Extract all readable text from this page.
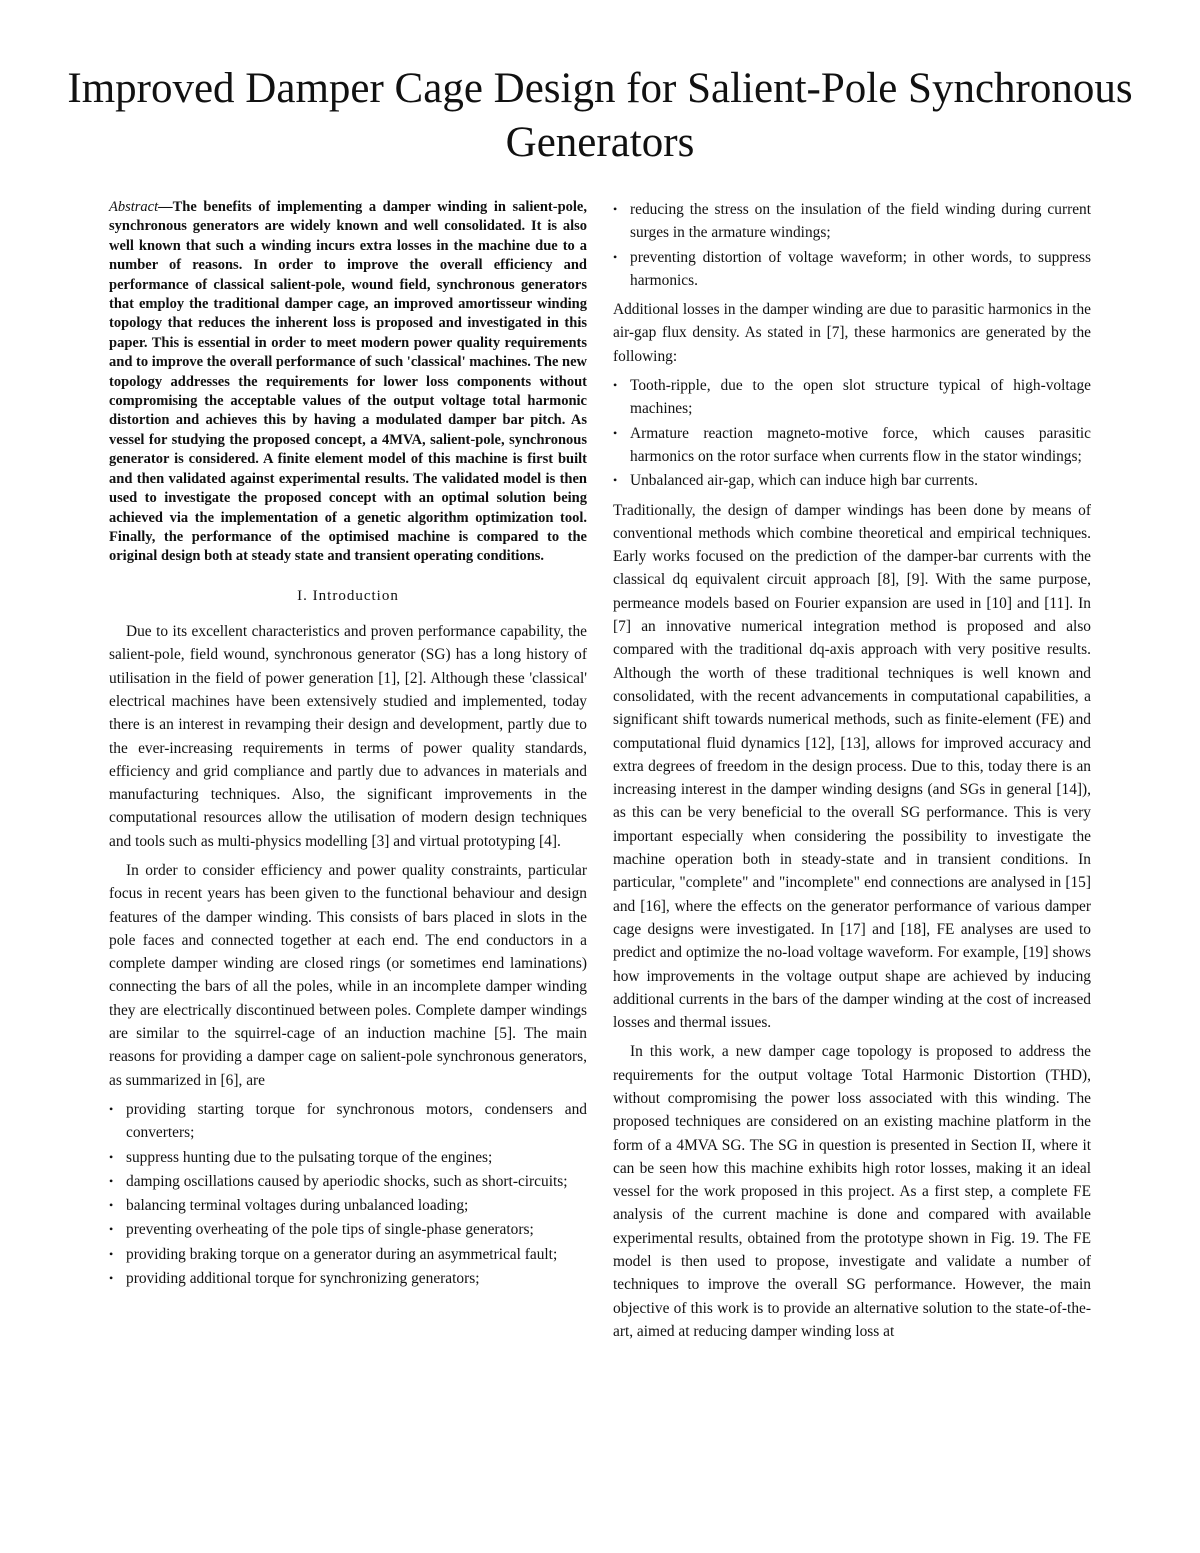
Improved Damper Cage Design for Salient-Pole Synchronous Generators

Abstract—The benefits of implementing a damper winding in salient-pole, synchronous generators are widely known and well consolidated. It is also well known that such a winding incurs extra losses in the machine due to a number of reasons. In order to improve the overall efficiency and performance of classical salient-pole, wound field, synchronous generators that employ the traditional damper cage, an improved amortisseur winding topology that reduces the inherent loss is proposed and investigated in this paper. This is essential in order to meet modern power quality requirements and to improve the overall performance of such 'classical' machines. The new topology addresses the requirements for lower loss components without compromising the acceptable values of the output voltage total harmonic distortion and achieves this by having a modulated damper bar pitch. As vessel for studying the proposed concept, a 4MVA, salient-pole, synchronous generator is considered. A finite element model of this machine is first built and then validated against experimental results. The validated model is then used to investigate the proposed concept with an optimal solution being achieved via the implementation of a genetic algorithm optimization tool. Finally, the performance of the optimised machine is compared to the original design both at steady state and transient operating conditions.

I. Introduction

Due to its excellent characteristics and proven performance capability, the salient-pole, field wound, synchronous generator (SG) has a long history of utilisation in the field of power generation [1], [2]. Although these 'classical' electrical machines have been extensively studied and implemented, today there is an interest in revamping their design and development, partly due to the ever-increasing requirements in terms of power quality standards, efficiency and grid compliance and partly due to advances in materials and manufacturing techniques. Also, the significant improvements in the computational resources allow the utilisation of modern design techniques and tools such as multi-physics modelling [3] and virtual prototyping [4].

In order to consider efficiency and power quality constraints, particular focus in recent years has been given to the functional behaviour and design features of the damper winding. This consists of bars placed in slots in the pole faces and connected together at each end. The end conductors in a complete damper winding are closed rings (or sometimes end laminations) connecting the bars of all the poles, while in an incomplete damper winding they are electrically discontinued between poles. Complete damper windings are similar to the squirrel-cage of an induction machine [5]. The main reasons for providing a damper cage on salient-pole synchronous generators, as summarized in [6], are

• providing starting torque for synchronous motors, condensers and converters;
• suppress hunting due to the pulsating torque of the engines;
• damping oscillations caused by aperiodic shocks, such as short-circuits;
• balancing terminal voltages during unbalanced loading;
• preventing overheating of the pole tips of single-phase generators;
• providing braking torque on a generator during an asymmetrical fault;
• providing additional torque for synchronizing generators;
• reducing the stress on the insulation of the field winding during current surges in the armature windings;
• preventing distortion of voltage waveform; in other words, to suppress harmonics.

Additional losses in the damper winding are due to parasitic harmonics in the air-gap flux density. As stated in [7], these harmonics are generated by the following:

• Tooth-ripple, due to the open slot structure typical of high-voltage machines;
• Armature reaction magneto-motive force, which causes parasitic harmonics on the rotor surface when currents flow in the stator windings;
• Unbalanced air-gap, which can induce high bar currents.

Traditionally, the design of damper windings has been done by means of conventional methods which combine theoretical and empirical techniques. Early works focused on the prediction of the damper-bar currents with the classical dq equivalent circuit approach [8], [9]. With the same purpose, permeance models based on Fourier expansion are used in [10] and [11]. In [7] an innovative numerical integration method is proposed and also compared with the traditional dq-axis approach with very positive results. Although the worth of these traditional techniques is well known and consolidated, with the recent advancements in computational capabilities, a significant shift towards numerical methods, such as finite-element (FE) and computational fluid dynamics [12], [13], allows for improved accuracy and extra degrees of freedom in the design process. Due to this, today there is an increasing interest in the damper winding designs (and SGs in general [14]), as this can be very beneficial to the overall SG performance. This is very important especially when considering the possibility to investigate the machine operation both in steady-state and in transient conditions. In particular, "complete" and "incomplete" end connections are analysed in [15] and [16], where the effects on the generator performance of various damper cage designs were investigated. In [17] and [18], FE analyses are used to predict and optimize the no-load voltage waveform. For example, [19] shows how improvements in the voltage output shape are achieved by inducing additional currents in the bars of the damper winding at the cost of increased losses and thermal issues.

In this work, a new damper cage topology is proposed to address the requirements for the output voltage Total Harmonic Distortion (THD), without compromising the power loss associated with this winding. The proposed techniques are considered on an existing machine platform in the form of a 4MVA SG. The SG in question is presented in Section II, where it can be seen how this machine exhibits high rotor losses, making it an ideal vessel for the work proposed in this project. As a first step, a complete FE analysis of the current machine is done and compared with available experimental results, obtained from the prototype shown in Fig. 19. The FE model is then used to propose, investigate and validate a number of techniques to improve the overall SG performance. However, the main objective of this work is to provide an alternative solution to the state-of-the-art, aimed at reducing damper winding loss at
